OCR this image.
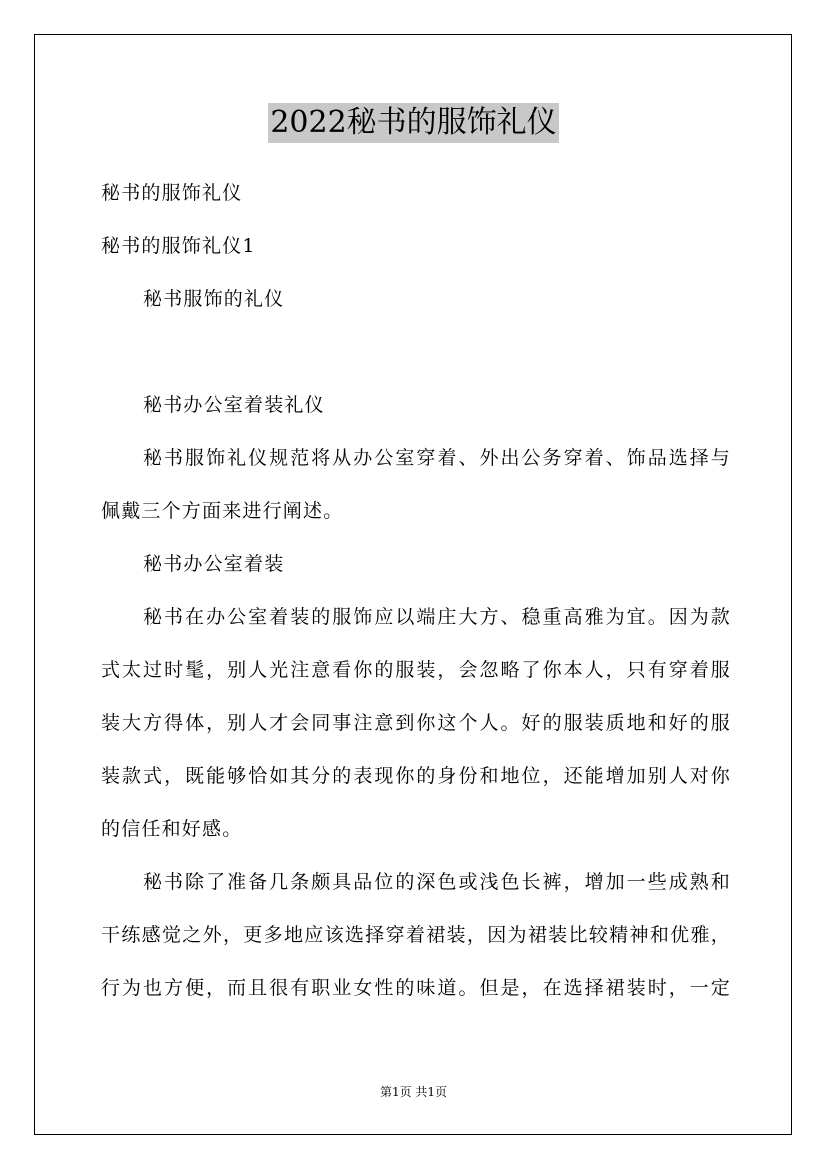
2022秘书的服饰礼仪
秘书的服饰礼仪
秘书的服饰礼仪1
秘书服饰的礼仪
秘书办公室着装礼仪
秘书服饰礼仪规范将从办公室穿着、外出公务穿着、饰品选择与
佩戴三个方面来进行阐述。
秘书办公室着装
秘书在办公室着装的服饰应以端庄大方、稳重高雅为宜。因为款
式太过时髦，别人光注意看你的服装，会忽略了你本人，只有穿着服
装大方得体，别人才会同事注意到你这个人。好的服装质地和好的服
装款式，既能够恰如其分的表现你的身份和地位，还能增加别人对你
的信任和好感。
秘书除了准备几条颇具品位的深色或浅色长裤，增加一些成熟和
干练感觉之外，更多地应该选择穿着裙装，因为裙装比较精神和优雅，
行为也方便，而且很有职业女性的味道。但是，在选择裙装时，一定
第1页 共1页
